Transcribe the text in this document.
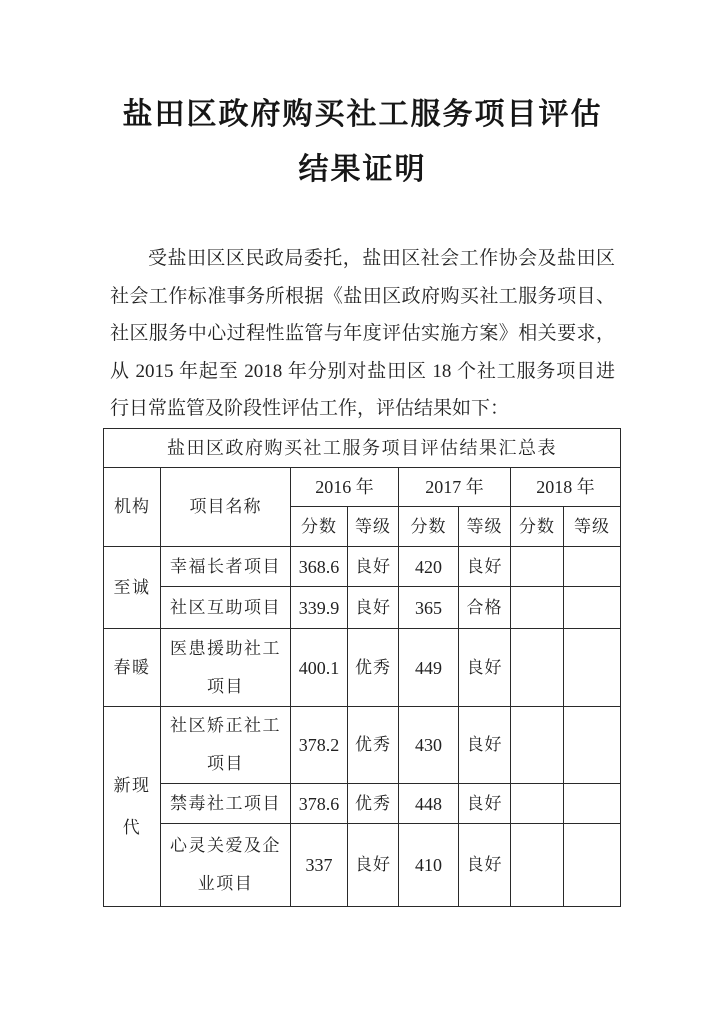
盐田区政府购买社工服务项目评估
结果证明
受盐田区区民政局委托，盐田区社会工作协会及盐田区
社会工作标准事务所根据《盐田区政府购买社工服务项目、
社区服务中心过程性监管与年度评估实施方案》相关要求，
从 2015 年起至 2018 年分别对盐田区 18 个社工服务项目进
行日常监管及阶段性评估工作，评估结果如下：
盐田区政府购买社工服务项目评估结果汇总表							
机构	项目名称	2016 年		2017 年		2018 年	
		分数	等级	分数	等级	分数	等级
至诚	幸福长者项目	368.6	良好	420	良好		
	社区互助项目	339.9	良好	365	合格		
春暖	医患援助社工项目	400.1	优秀	449	良好		
新现代	社区矫正社工项目	378.2	优秀	430	良好		
	禁毒社工项目	378.6	优秀	448	良好		
	心灵关爱及企业项目	337	良好	410	良好		
